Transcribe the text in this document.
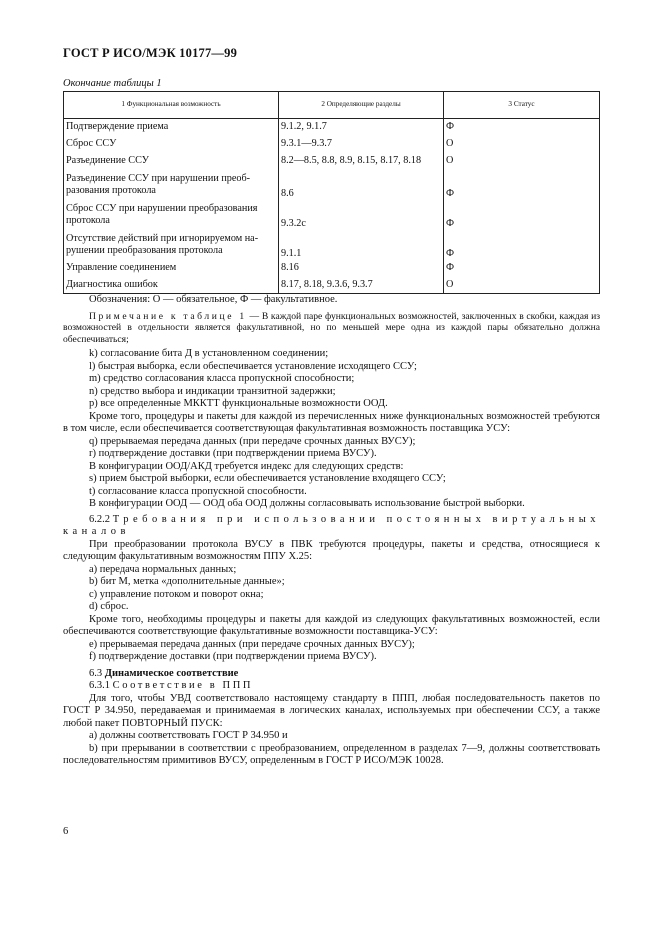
ГОСТ Р ИСО/МЭК 10177—99
Окончание таблицы 1
1 Функциональная возможность	2 Определяющие разделы	3 Статус
Подтверждение приема	9.1.2, 9.1.7	Ф
Сброс ССУ	9.3.1—9.3.7	О
Разъединение ССУ	8.2—8.5, 8.8, 8.9, 8.15, 8.17, 8.18	О
Разъединение ССУ при нарушении преоб-разования протокола	8.6	Ф
Сброс ССУ при нарушении преобразования протокола	9.3.2с	Ф
Отсутствие действий при игнорируемом на-рушении преобразования протокола	9.1.1	Ф
Управление соединением	8.16	Ф
Диагностика ошибок	8.17, 8.18, 9.3.6, 9.3.7	О

Обозначения: О — обязательное, Ф — факультативное.

Примечание к таблице 1 — В каждой паре функциональных возможностей, заключенных в скобки, каждая из возможностей в отдельности является факультативной, но по меньшей мере одна из каждой пары обязательно должна обеспечиваться;

k) согласование бита Д в установленном соединении;

l) быстрая выборка, если обеспечивается установление исходящего ССУ;

m) средство согласования класса пропускной способности;

n) средство выбора и индикации транзитной задержки;

p) все определенные МККТТ функциональные возможности ООД.

Кроме того, процедуры и пакеты для каждой из перечисленных ниже функциональных возможностей требуются в том числе, если обеспечивается соответствующая факультативная возможность поставщика УСУ:

q) прерываемая передача данных (при передаче срочных данных ВУСУ);

r) подтверждение доставки (при подтверждении приема ВУСУ).

В конфигурации ООД/АКД требуется индекс для следующих средств:

s) прием быстрой выборки, если обеспечивается установление входящего ССУ;

t) согласование класса пропускной способности.

В конфигурации ООД — ООД оба ООД должны согласовывать использование быстрой выборки.

6.2.2 Требования при использовании постоянных виртуальных каналов

При преобразовании протокола ВУСУ в ПВК требуются процедуры, пакеты и средства, относящиеся к следующим факультативным возможностям ППУ Х.25:

a) передача нормальных данных;

b) бит М, метка «дополнительные данные»;

c) управление потоком и поворот окна;

d) сброс.

Кроме того, необходимы процедуры и пакеты для каждой из следующих факультативных возможностей, если обеспечиваются соответствующие факультативные возможности поставщика-УСУ:

e) прерываемая передача данных (при передаче срочных данных ВУСУ);

f) подтверждение доставки (при подтверждении приема ВУСУ).

6.3 Динамическое соответствие

6.3.1 Соответствие в ППП

Для того, чтобы УВД соответствовало настоящему стандарту в ППП, любая последовательность пакетов по ГОСТ Р 34.950, передаваемая и принимаемая в логических каналах, используемых при обеспечении ССУ, а также любой пакет ПОВТОРНЫЙ ПУСК:

a) должны соответствовать ГОСТ Р 34.950 и

b) при прерывании в соответствии с преобразованием, определенном в разделах 7—9, должны соответствовать последовательностям примитивов ВУСУ, определенным в ГОСТ Р ИСО/МЭК 10028.

6
